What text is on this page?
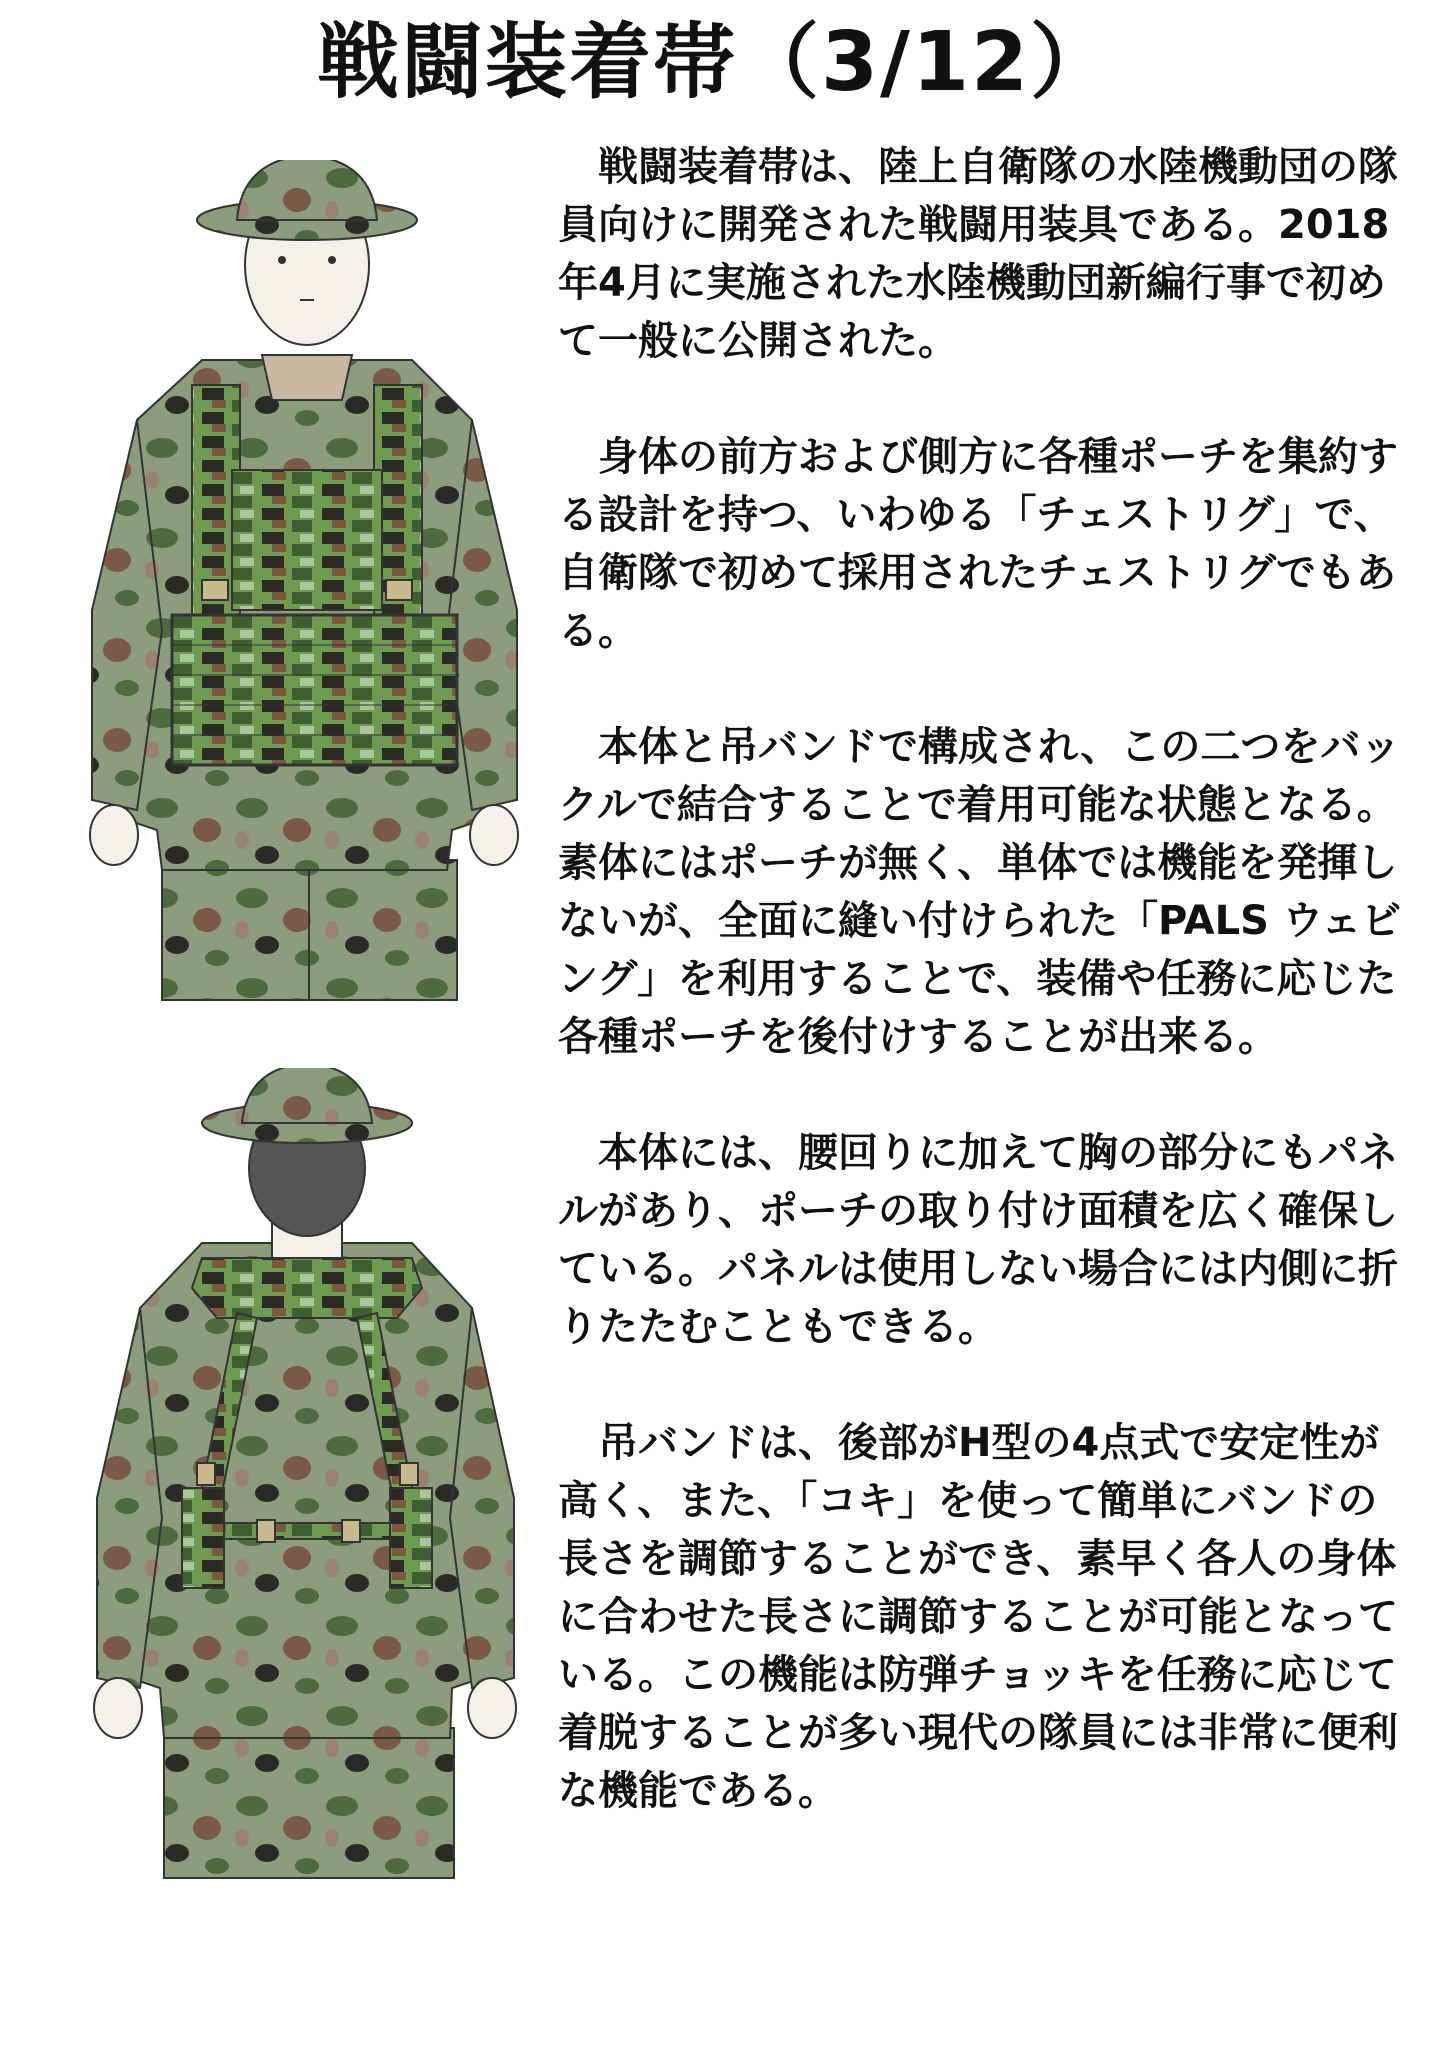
戦闘装着帯（3/12）

戦闘装着帯は、陸上自衛隊の水陸機動団の隊員向けに開発された戦闘用装具である。2018年4月に実施された水陸機動団新編行事で初めて一般に公開された。

身体の前方および側方に各種ポーチを集約する設計を持つ、いわゆる「チェストリグ」で、自衛隊で初めて採用されたチェストリグでもある。

本体と吊バンドで構成され、この二つをバックルで結合することで着用可能な状態となる。素体にはポーチが無く、単体では機能を発揮しないが、全面に縫い付けられた「PALS ウェビング」を利用することで、装備や任務に応じた各種ポーチを後付けすることが出来る。

本体には、腰回りに加えて胸の部分にもパネルがあり、ポーチの取り付け面積を広く確保している。パネルは使用しない場合には内側に折りたたむこともできる。

吊バンドは、後部がH型の4点式で安定性が高く、また、「コキ」を使って簡単にバンドの長さを調節することができ、素早く各人の身体に合わせた長さに調節することが可能となっている。この機能は防弾チョッキを任務に応じて着脱することが多い現代の隊員には非常に便利な機能である。
